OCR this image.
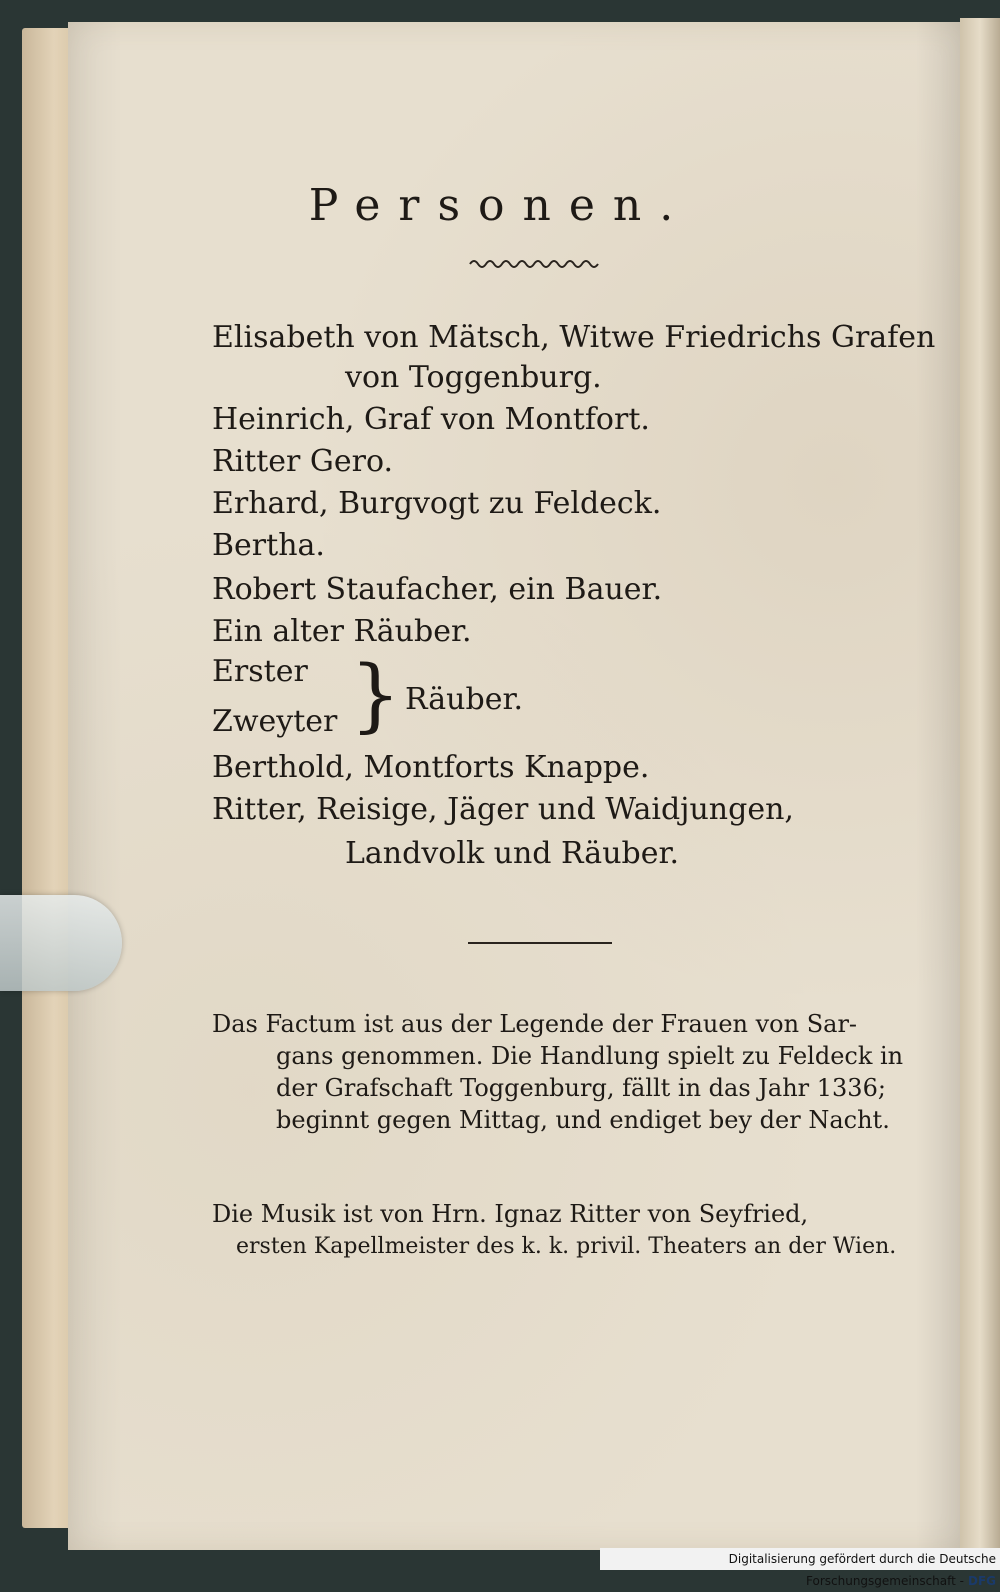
Personen.
Elisabeth von Mätsch, Witwe Friedrichs Grafen
von Toggenburg.
Heinrich, Graf von Montfort.
Ritter Gero.
Erhard, Burgvogt zu Feldeck.
Bertha.
Robert Staufacher, ein Bauer.
Ein alter Räuber.
Erster
Zweyter } Räuber.
Berthold, Montforts Knappe.
Ritter, Reisige, Jäger und Waidjungen,
Landvolk und Räuber.
Das Factum ist aus der Legende der Frauen von Sar-
gans genommen. Die Handlung spielt zu Feldeck in
der Grafschaft Toggenburg, fällt in das Jahr 1336;
beginnt gegen Mittag, und endiget bey der Nacht.
Die Musik ist von Hrn. Ignaz Ritter von Seyfried,
ersten Kapellmeister des k. k. privil. Theaters an der Wien.
Digitalisierung gefördert durch die Deutsche Forschungsgemeinschaft - DFG
